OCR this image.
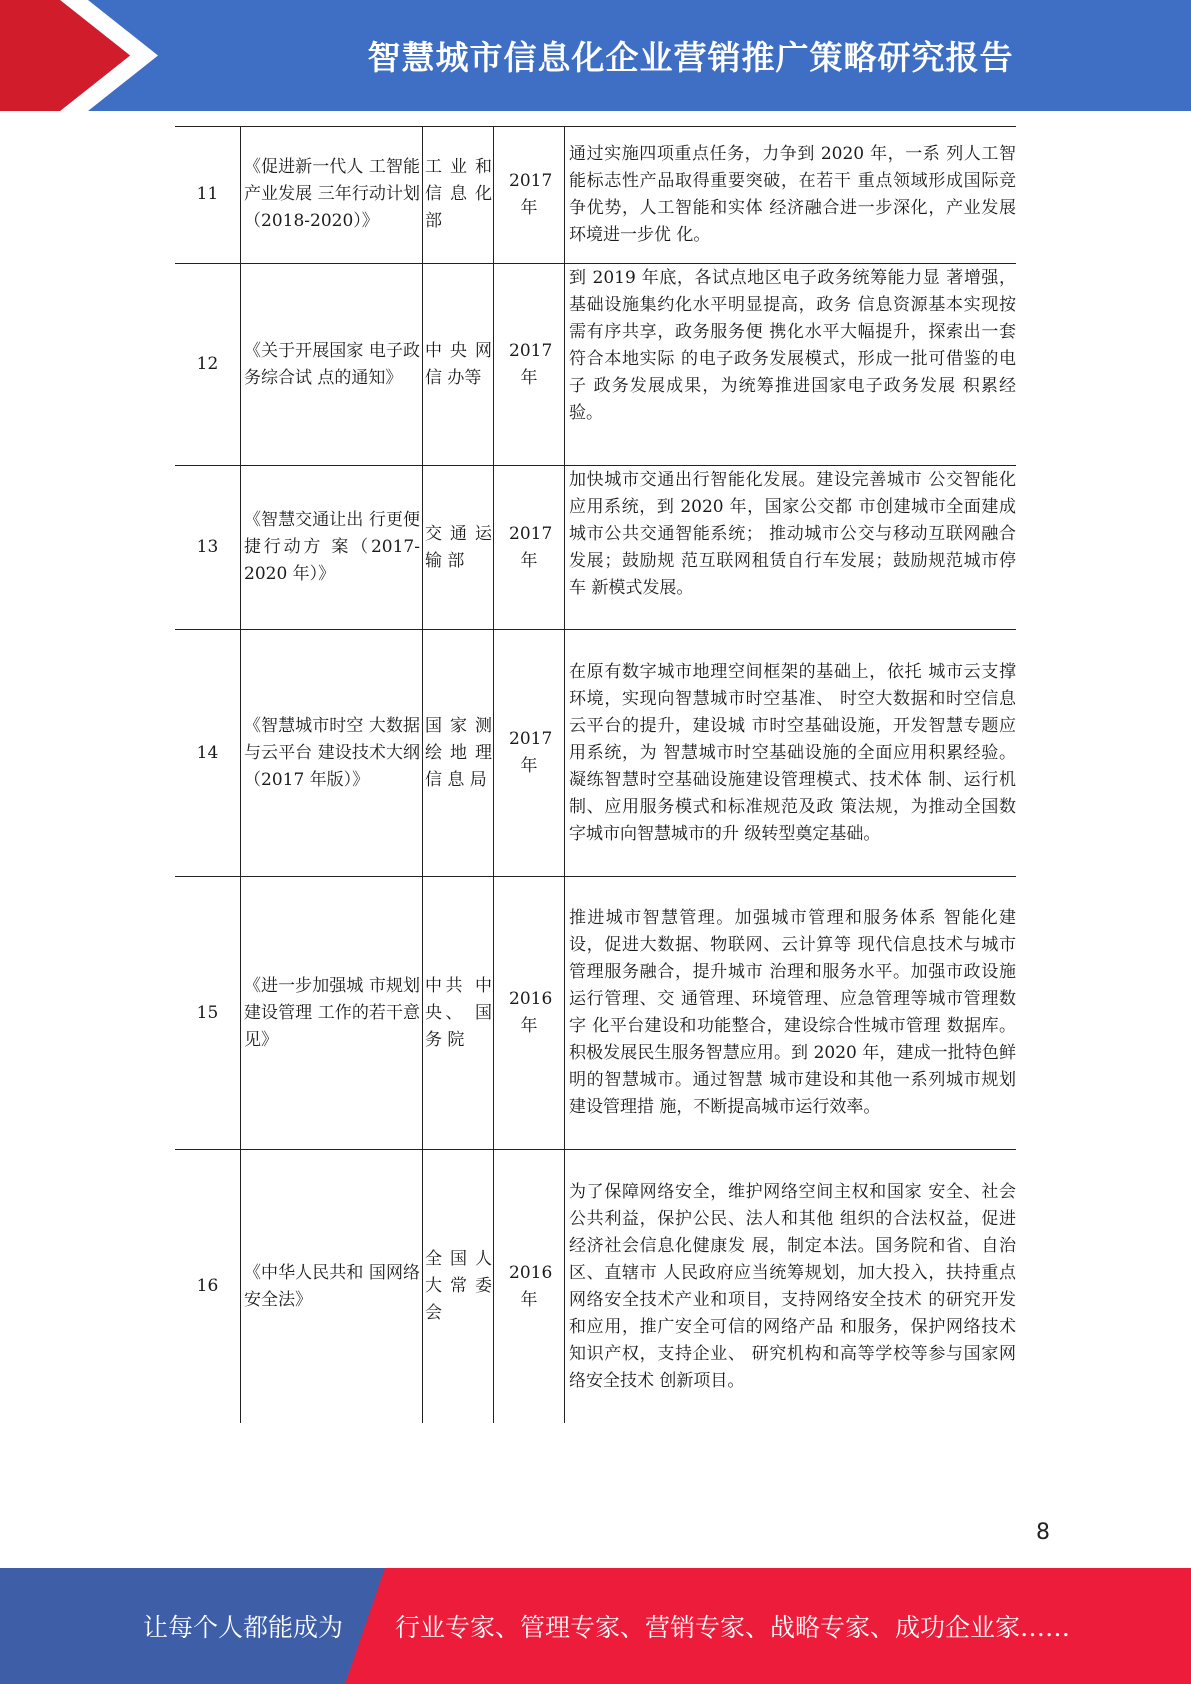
智慧城市信息化企业营销推广策略研究报告
11
《促进新一代人 工智能产业发展 三年行动计划 （2018-2020）》
工 业 和 信 息 化 部
2017 年
通过实施四项重点任务，力争到 2020 年，一系 列人工智能标志性产品取得重要突破，在若干 重点领域形成国际竞争优势，人工智能和实体 经济融合进一步深化，产业发展环境进一步优 化。
12
《关于开展国家 电子政务综合试 点的通知》
中 央 网 信 办等
2017 年
到 2019 年底，各试点地区电子政务统筹能力显 著增强，基础设施集约化水平明显提高，政务 信息资源基本实现按需有序共享，政务服务便 携化水平大幅提升，探索出一套符合本地实际 的电子政务发展模式，形成一批可借鉴的电子 政务发展成果，为统筹推进国家电子政务发展 积累经验。
13
《智慧交通让出 行更便捷行动方 案（2017-2020 年）》
交 通 运 输 部
2017 年
加快城市交通出行智能化发展。建设完善城市 公交智能化应用系统，到 2020 年，国家公交都 市创建城市全面建成城市公共交通智能系统； 推动城市公交与移动互联网融合发展；鼓励规 范互联网租赁自行车发展；鼓励规范城市停车 新模式发展。
14
《智慧城市时空 大数据与云平台 建设技术大纲 （2017 年版）》
国 家 测 绘 地 理 信 息 局
2017 年
在原有数字城市地理空间框架的基础上，依托 城市云支撑环境，实现向智慧城市时空基准、 时空大数据和时空信息云平台的提升，建设城 市时空基础设施，开发智慧专题应用系统，为 智慧城市时空基础设施的全面应用积累经验。 凝练智慧时空基础设施建设管理模式、技术体 制、运行机制、应用服务模式和标准规范及政 策法规，为推动全国数字城市向智慧城市的升 级转型奠定基础。
15
《进一步加强城 市规划建设管理 工作的若干意 见》
中共 中 央、 国务 院
2016 年
推进城市智慧管理。加强城市管理和服务体系 智能化建设，促进大数据、物联网、云计算等 现代信息技术与城市管理服务融合，提升城市 治理和服务水平。加强市政设施运行管理、交 通管理、环境管理、应急管理等城市管理数字 化平台建设和功能整合，建设综合性城市管理 数据库。积极发展民生服务智慧应用。到 2020 年，建成一批特色鲜明的智慧城市。通过智慧 城市建设和其他一系列城市规划建设管理措 施，不断提高城市运行效率。
16
《中华人民共和 国网络安全法》
全 国 人 大 常 委 会
2016 年
为了保障网络安全，维护网络空间主权和国家 安全、社会公共利益，保护公民、法人和其他 组织的合法权益，促进经济社会信息化健康发 展，制定本法。国务院和省、自治区、直辖市 人民政府应当统筹规划，加大投入，扶持重点 网络安全技术产业和项目，支持网络安全技术 的研究开发和应用，推广安全可信的网络产品 和服务，保护网络技术知识产权，支持企业、 研究机构和高等学校等参与国家网络安全技术 创新项目。
8
让每个人都能成为 行业专家、管理专家、营销专家、战略专家、成功企业家……
